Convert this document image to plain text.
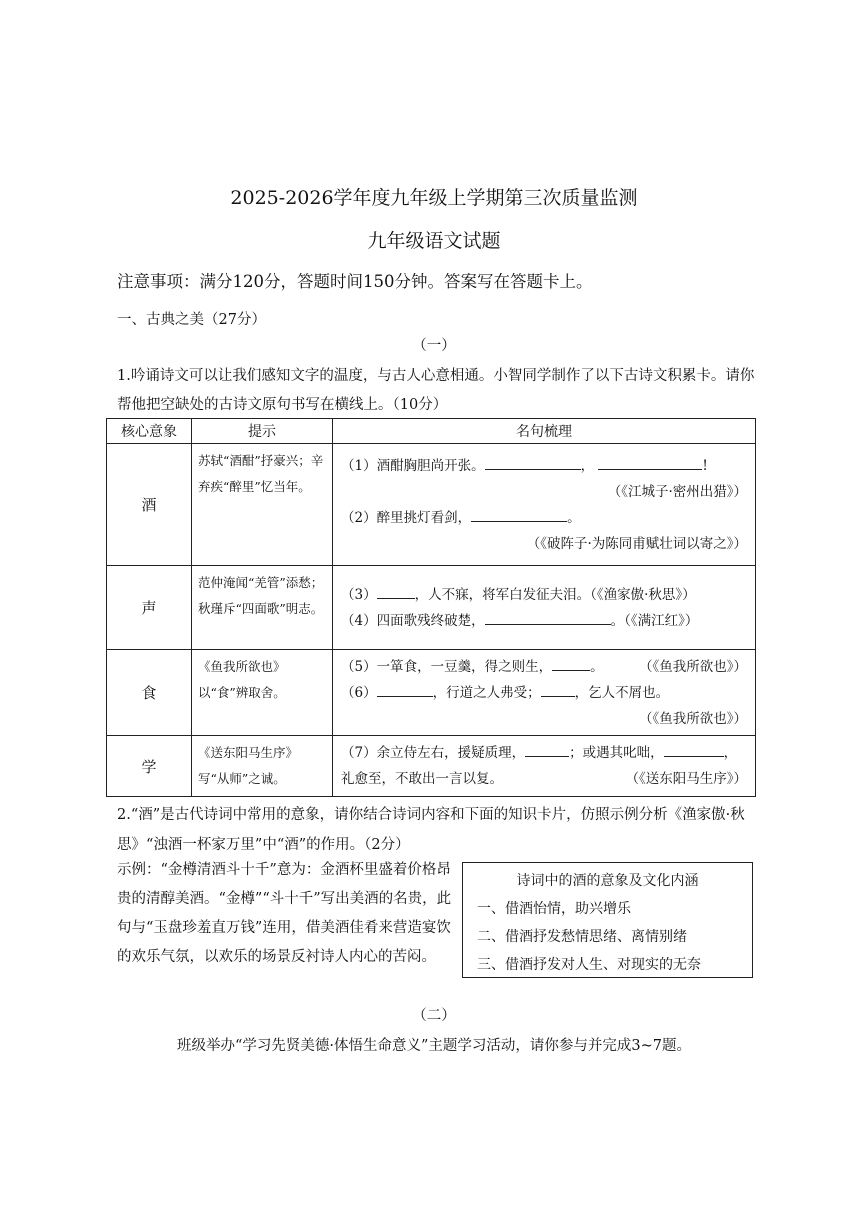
2025-2026学年度九年级上学期第三次质量监测
九年级语文试题
注意事项：满分120分，答题时间150分钟。答案写在答题卡上。
一、古典之美（27分）
（一）
1.吟诵诗文可以让我们感知文字的温度，与古人心意相通。小智同学制作了以下古诗文积累卡。请你帮他把空缺处的古诗文原句书写在横线上。（10分）
核心意象	提示	名句梳理
酒	苏轼“酒酣”抒豪兴；辛弃疾“醉里”忆当年。	（1）酒酣胸胆尚开张。 ， !
（《江城子·密州出猎》）
（2）醉里挑灯看剑， 。
（《破阵子·为陈同甫赋壮词以寄之》）

声	范仲淹闻“羌管”添愁；秋瑾斥“四面歌”明志。	（3） ，人不寐，将军白发征夫泪。（《渔家傲·秋思》）
（4）四面歌残终破楚， 。（《满江红》）

食	《鱼我所欲也》以“食”辨取舍。	（5）一箪食，一豆羹，得之则生， 。 （《鱼我所欲也》）
（6） ，行道之人弗受； ，乞人不屑也。
（《鱼我所欲也》）

学	《送东阳马生序》写“从师”之诚。	（7）余立侍左右，援疑质理， ；或遇其叱咄， ，
礼愈至，不敢出一言以复。 （《送东阳马生序》）
2.“酒”是古代诗词中常用的意象，请你结合诗词内容和下面的知识卡片，仿照示例分析《渔家傲·秋思》“浊酒一杯家万里”中“酒”的作用。（2分）
示例：“金樽清酒斗十千”意为：金酒杯里盛着价格昂贵的清醇美酒。“金樽”“斗十千”写出美酒的名贵，此句与“玉盘珍羞直万钱”连用，借美酒佳肴来营造宴饮的欢乐气氛，以欢乐的场景反衬诗人内心的苦闷。
诗词中的酒的意象及文化内涵
一、借酒怡情，助兴增乐
二、借酒抒发愁情思绪、离情别绪
三、借酒抒发对人生、对现实的无奈
（二）
班级举办“学习先贤美德·体悟生命意义”主题学习活动，请你参与并完成3~7题。
